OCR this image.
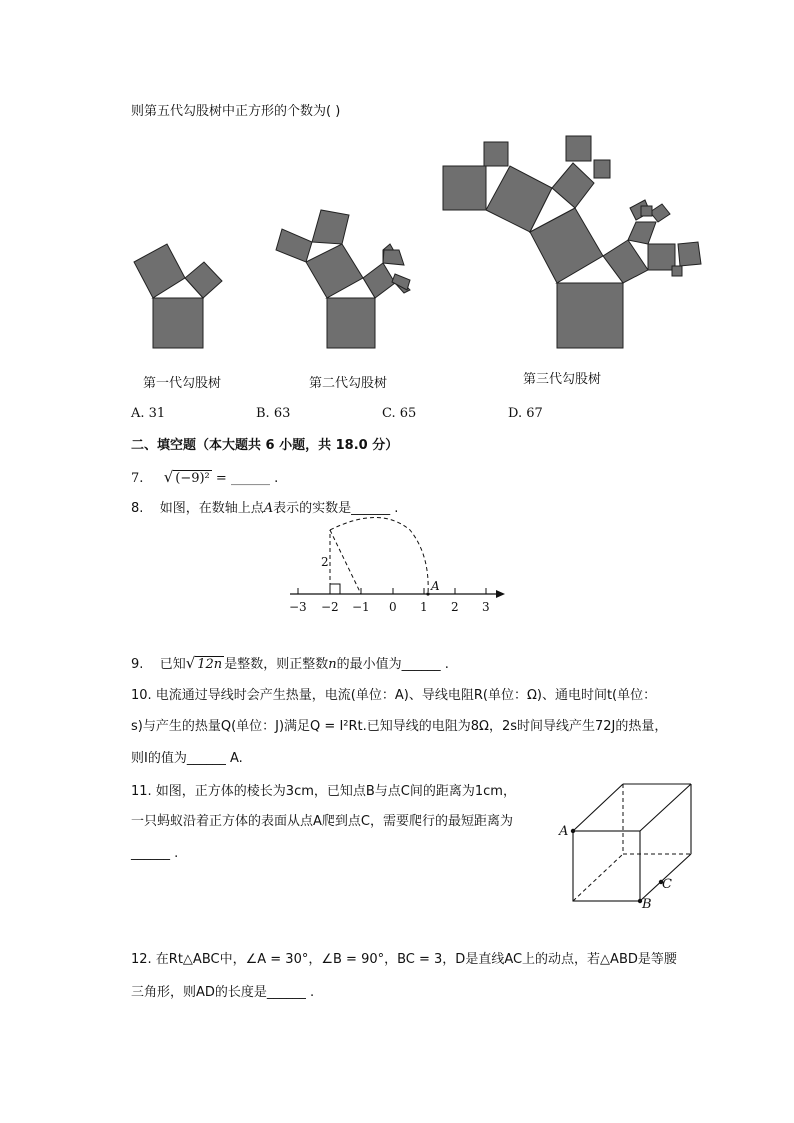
则第五代勾股树中正方形的个数为( )
第一代勾股树	第二代勾股树	第三代勾股树
A. 31	B. 63	C. 65	D. 67
二、填空题（本大题共 6 小题，共 18.0 分）
7. √ (−9)² = ______ .
8. 如图，在数轴上点A表示的实数是______ .
2
A
−3 −2 −1 0 1 2 3
9. 已知√ 12n 是整数，则正整数n的最小值为______ .
10. 电流通过导线时会产生热量，电流(单位：A)、导线电阻R(单位：Ω)、通电时间t(单位：
s)与产生的热量Q(单位：J)满足Q = I²Rt.已知导线的电阻为8Ω，2s时间导线产生72J的热量，
则I的值为______ A.
11. 如图，正方体的棱长为3cm，已知点B与点C间的距离为1cm，
一只蚂蚁沿着正方体的表面从点A爬到点C，需要爬行的最短距离为
______ .
A
B
C
12. 在Rt△ABC中，∠A = 30°，∠B = 90°，BC = 3，D是直线AC上的动点，若△ABD是等腰
三角形，则AD的长度是______ .
